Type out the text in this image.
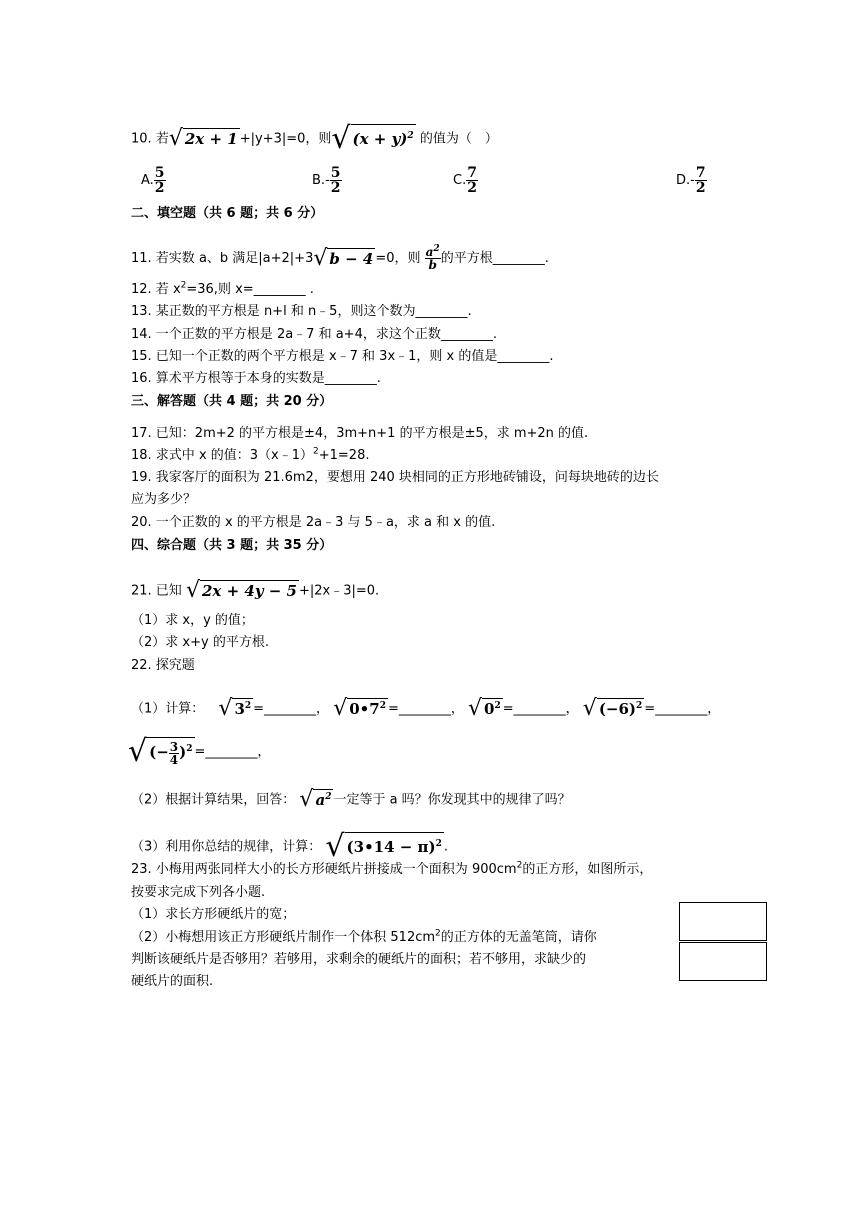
10. 若 √ 2x + 1 +|y+3|=0，则 √ $(x + y)^2$ 的值为（　）
A. $\frac{5}{2}$	$B.- \frac{5}{2}$	C. $\frac{7}{2}$	$D.- \frac{7}{2}$
二、填空题（共 6 题；共 6 分）
11. 若实数 a、b 满足|a+2|+3 √ b − 4 =0，则 $\frac{a^2}{b}$ 的平方根________.
12. 若 $x^2=36$,则 x=________ .
13. 某正数的平方根是 n+l 和 n﹣5，则这个数为________.
14. 一个正数的平方根是 2a﹣7 和 a+4，求这个正数________.
15. 已知一个正数的两个平方根是 x﹣7 和 3x﹣1，则 x 的值是________.
16. 算术平方根等于本身的实数是________.
三、解答题（共 4 题；共 20 分）
17. 已知：2m+2 的平方根是±4，3m+n+1 的平方根是±5，求 m+2n 的值.
18. 求式中 x 的值：3（x﹣1）$^2$+1=28.
19. 我家客厅的面积为 21.6m2，要想用 240 块相同的正方形地砖铺设，问每块地砖的边长
应为多少？
20. 一个正数的 x 的平方根是 2a﹣3 与 5﹣a，求 a 和 x 的值.
四、综合题（共 3 题；共 35 分）
21. 已知 √ 2x + 4y − 5 +|2x﹣3|=0.
（1）求 x，y 的值；
（2）求 x+y 的平方根.
22. 探究题
（1）计算： √ $3^2$ =________， √ $0•7^2$ =________， √ $0^2$ =________， √ $(-6)^2$ =________，
√ (− $\frac{3}{4} )^2$ =________，
（2）根据计算结果，回答： √ $a^2$ 一定等于 a 吗？你发现其中的规律了吗？
（3）利用你总结的规律，计算： √ (3•14 − π)$^2$ .
23. 小梅用两张同样大小的长方形硬纸片拼接成一个面积为 $900cm^2$的正方形，如图所示，
按要求完成下列各小题.
（1）求长方形硬纸片的宽；
（2）小梅想用该正方形硬纸片制作一个体积 $512cm^2$的正方体的无盖笔筒，请你
判断该硬纸片是否够用？若够用，求剩余的硬纸片的面积；若不够用，求缺少的
硬纸片的面积.
